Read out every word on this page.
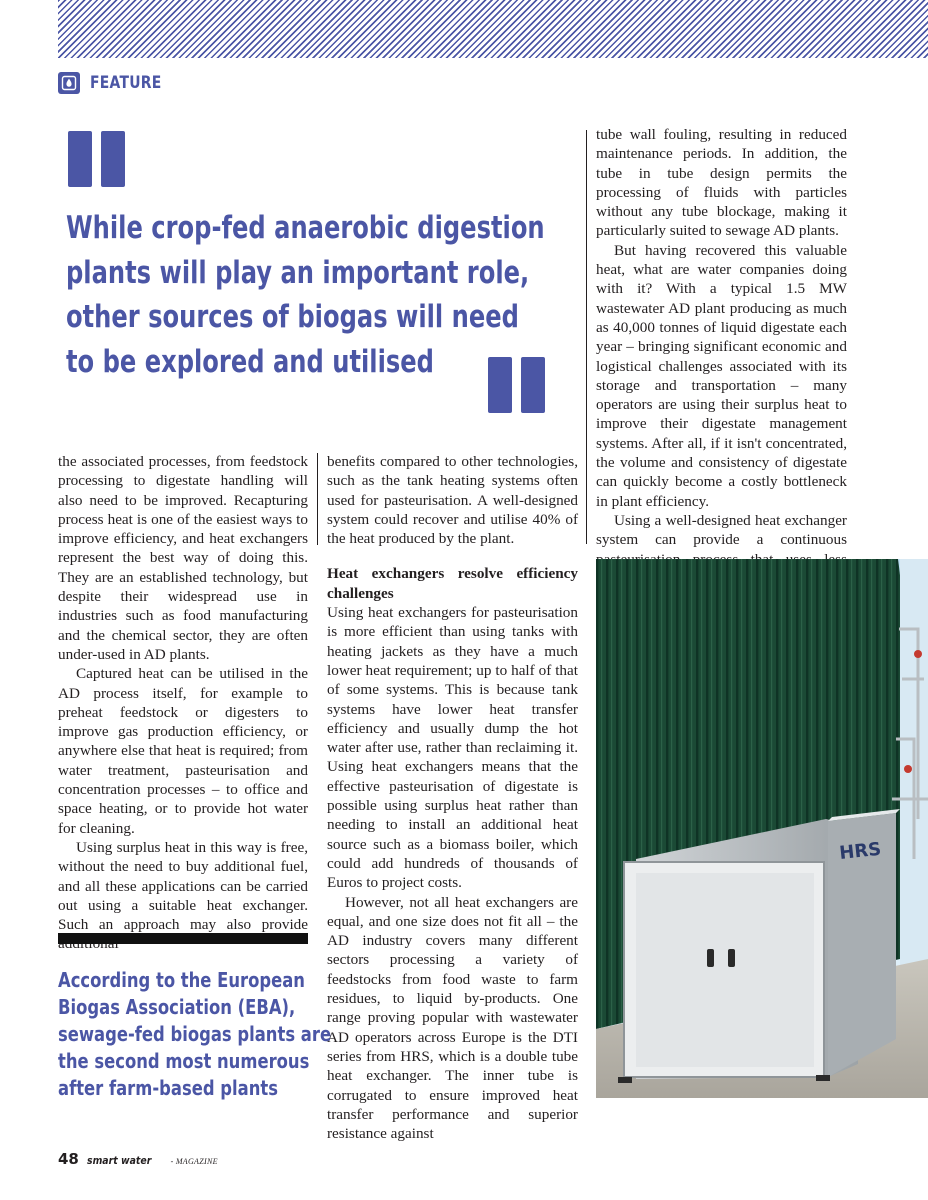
FEATURE
While crop-fed anaerobic digestion
plants will play an important role,
other sources of biogas will need
to be explored and utilised

the associated processes, from feedstock processing to digestate handling will also need to be improved. Recapturing process heat is one of the easiest ways to improve efficiency, and heat exchangers represent the best way of doing this. They are an established technology, but despite their widespread use in industries such as food manufacturing and the chemical sector, they are often under-used in AD plants.

Captured heat can be utilised in the AD process itself, for example to preheat feedstock or digesters to improve gas production efficiency, or anywhere else that heat is required; from water treatment, pasteurisation and concentration processes – to office and space heating, or to provide hot water for cleaning.

Using surplus heat in this way is free, without the need to buy additional fuel, and all these applications can be carried out using a suitable heat exchanger. Such an approach may also provide

benefits compared to other technologies, such as the tank heating systems often used for pasteurisation. A well-designed system could recover and utilise 40% of the heat produced by the plant.

Heat exchangers resolve efficiency challenges

Using heat exchangers for pasteurisation is more efficient than using tanks with heating jackets as they have a much lower heat requirement; up to half of that of some systems. This is because tank systems have lower heat transfer efficiency and usually dump the hot water after use, rather than reclaiming it. Using heat exchangers means that the effective pasteurisation of digestate is possible using surplus heat rather than needing to install an additional heat source such as a biomass boiler, which could add hundreds of thousands of Euros to project costs.

However, not all heat exchangers are equal, and one size does not fit all – the AD industry covers many different sectors processing a variety of feedstocks from food waste to farm residues, to liquid by-products. One range proving popular with wastewater AD operators across Europe is the DTI series from HRS, which is a double tube heat exchanger. The inner tube is corrugated to ensure improved heat transfer performance and superior resistance against

tube wall fouling, resulting in reduced maintenance periods. In addition, the tube in tube design permits the processing of fluids with particles without any tube blockage, making it particularly suited to sewage AD plants.

But having recovered this valuable heat, what are water companies doing with it? With a typical 1.5 MW wastewater AD plant producing as much as 40,000 tonnes of liquid digestate each year – bringing significant economic and logistical challenges associated with its storage and transportation – many operators are using their surplus heat to improve their digestate management systems. After all, if it isn't concentrated, the volume and consistency of digestate can quickly become a costly bottleneck in plant efficiency.

Using a well-designed heat exchanger system can provide a continuous

According to the European
Biogas Association (EBA),
sewage-fed biogas plants are
the second most numerous
after farm-based plants
HRS
48 smart water - MAGAZINE
